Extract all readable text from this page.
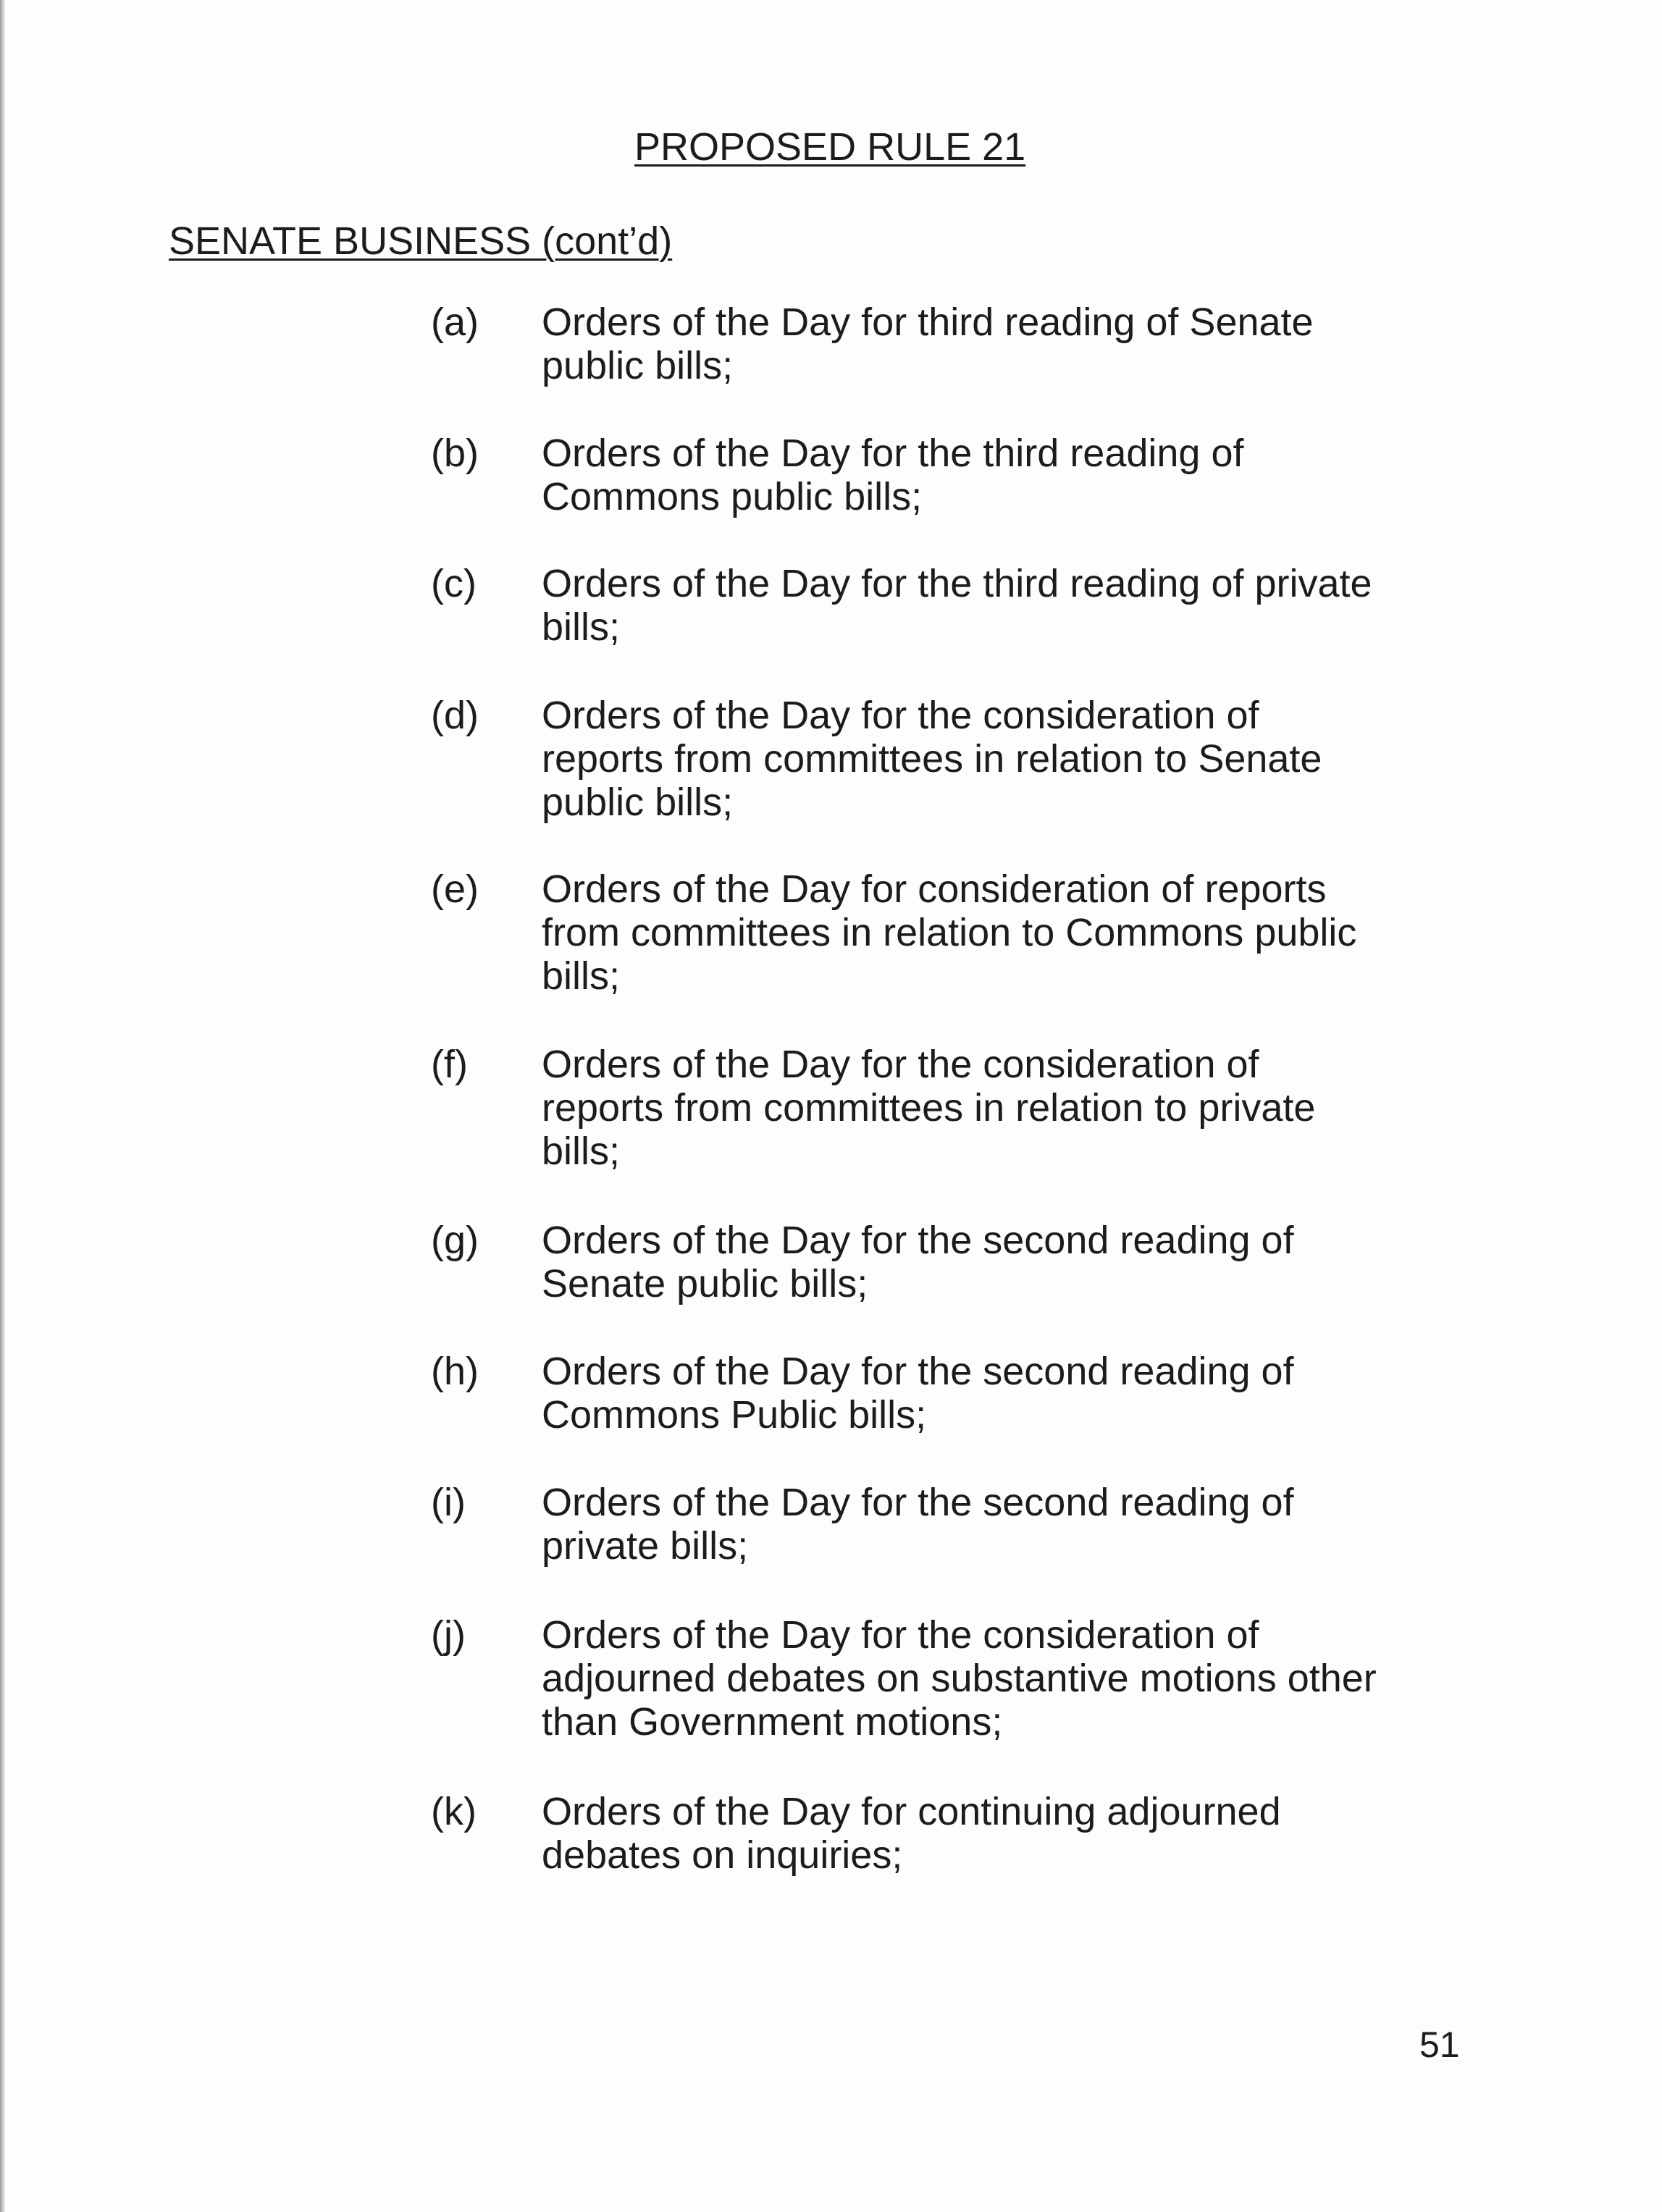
PROPOSED RULE 21
SENATE BUSINESS (cont’d)
(a) Orders of the Day for third reading of Senate
public bills;
(b) Orders of the Day for the third reading of
Commons public bills;
(c) Orders of the Day for the third reading of private
bills;
(d) Orders of the Day for the consideration of
reports from committees in relation to Senate
public bills;
(e) Orders of the Day for consideration of reports
from committees in relation to Commons public
bills;
(f) Orders of the Day for the consideration of
reports from committees in relation to private
bills;
(g) Orders of the Day for the second reading of
Senate public bills;
(h) Orders of the Day for the second reading of
Commons Public bills;
(i) Orders of the Day for the second reading of
private bills;
(j) Orders of the Day for the consideration of
adjourned debates on substantive motions other
than Government motions;
(k) Orders of the Day for continuing adjourned
debates on inquiries;
51
